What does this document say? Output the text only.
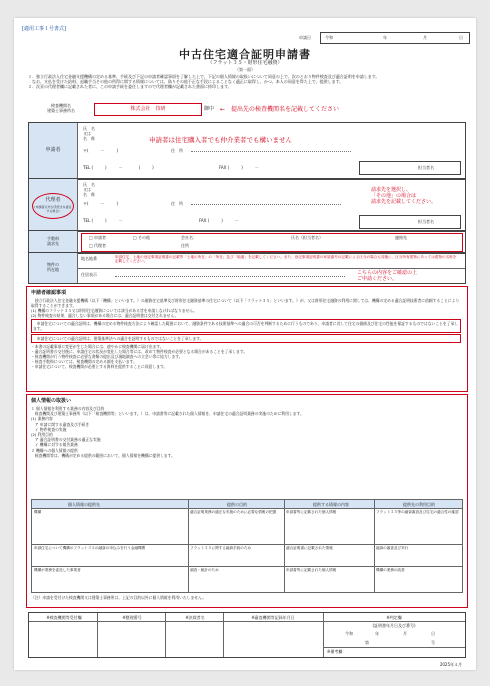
[適用工事１号書式]
申請日	令和	年	月	日
中古住宅適合証明申請書
（フラット３５・財形住宅融資）
（第一面）
１．独立行政法人住宅金融支援機構の定める基準、手続及び下記の申請者確認事項を了解した上で、下記の個人情報の取扱いについて同意の上で、次のとおり物件検査及び適合証明を申請します。
　なお、支払を受けた給料、退職手当その他の所得に関する情報については、偽りその他不正な手段によることなく適正に取得し、かつ、本人の同意を得た上で、提供します。
２．次頁の代理者欄に記載された者に、この申請手続を委任しますので代理者欄が記載された書面に捺印します。
検査機関名
建築士事務所名	株式会社　技研	御中 ←　提出先の検査機関名を記載してください
申請者
氏　名
又は
名　称	申請者は住宅購入者でも仲介業者でも構いません
〒(　　　－　　　)	住　所
TEL (　　　)　　　－　　　　(　　　)	FAX (　　　)　　　－	担当者名
代理者
(申請者以外が手続きを委任する場合)
氏　名
又は
名　称
〒(　　　－　　　)	住　所
TEL (　　　)　　　－	FAX (　　　)　　　－	担当者名
請求先を選択し、
「その他」の場合は
請求先を記載してください。
手数料
請求先
□ 申請者
□ 代理者
□ その他	会社名：
住所
氏名（担当者名）	連絡先
物件の
所在地
地名地番	申請住宅、土地の登記事項証明書の記載等「土地の所在」の「所在」及び「地番」を記載してください。また、登記事項証明書の家屋番号の記載による区分の場合も同様に、区分所有建物にあっては建物の名称を記載してください。
住居表示	こちらの内容をご確認の上
ご申請ください。
申請者確認事項
　独立行政法人住宅金融支援機構（以下「機構」といいます。）の融資住宅基準及び財形住宅融資基準の住宅について（以下「フラット３５」といいます。）が、又は財形住宅融資の利用に関しては、機構の定める適合証明技術者に依頼することにより取得することができます。
(1) 機構のフラット３５又は財形住宅融資については該当がある旨を申請しなければなりません。
(2) 物件検査の結果、適合しない事項がある場合には、適合証明書は交付されません。
　申請住宅についての適合証明は、機構の定める物件検査方法により確認した範囲において、融資条件である技術基準への適合の可否を判断するために行うものであり、申請者に対して住宅の価値及び住宅の性能を保証するものではないことを了承します。
　申請住宅についての適合証明は、建築基準法への適合を証明するものではないことを了承します。
・本書の記載事項に変更が生じた場合には、速やかに検査機関に届け出ます。
・適合証明書の交付後に、申請住宅の状況が変化した場合等には、改めて物件検査が必要となる場合があることを了承します。
・検査機関が行う物件検査に必要な書類の提出及び現地調査への立会い等に協力します。
・検査手数料については、検査機関の定める額を支払います。
・申請住宅について、検査機関が必要とする資料を提供することに同意します。
個人情報の取扱い
１ 個人情報を利用する業務の内容及び目的
　検査機関及び建築士事務所（以下「検査機関等」といいます。）は、申請書等に記載された個人情報を、申請住宅の適合証明業務の実施のために利用します。
(1) 業務内容
　ア 申請に関する審査及び手続き
　イ 物件検査の実施
(2) 利用目的
　ア 適合証明書の交付業務の適正な実施
　イ 機構に対する報告業務
２ 機構への個人情報の提供
　検査機関等は、機構が定める提供の範囲において、個人情報を機構に提供します。
個人情報の提供先	提供の目的	提供する情報の内容	提供先の利用目的
機構	適合証明業務の適正な実施のために必要な情報の把握	申請書等に記載された個人情報	フラット３５等の融資審査及び住宅の適合性の確認
申請住宅について機構のフラット３５の融資の申込みを行う金融機関	フラット３５に関する融資手続のため	適合証明書に記載された情報	融資の審査及び実行
機構が業務を委託した事業者	調査・統計のため	申請書等に記載された個人情報	機構の業務の改善
（注）申請を受付けた検査機関又は建築士事務所は、上記の目的以外に個人情報を利用いたしません。
※検査機関等受付欄	※整理番号	※決裁者名	※審査機関等記録年月日	※判定欄
(証明書年月日及び番号)
令和	年	月	日
第	号
※備考欄
2025年４月
